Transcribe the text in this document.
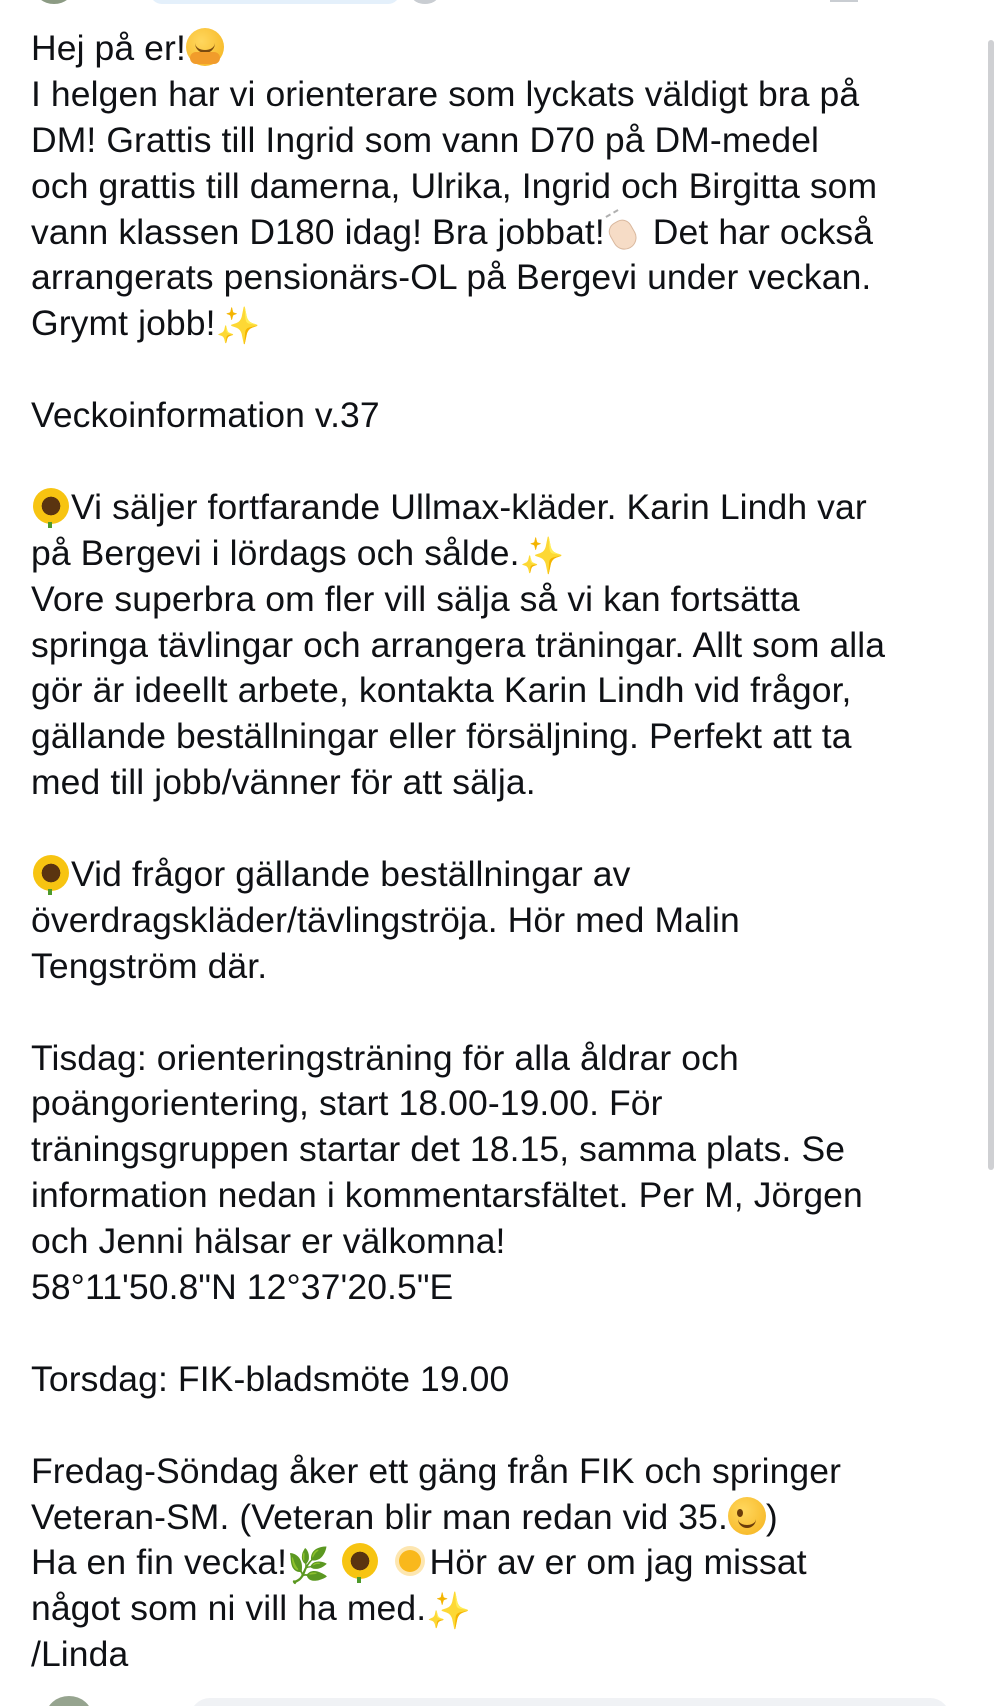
Hej på er!
I helgen har vi orienterare som lyckats väldigt bra på
DM! Grattis till Ingrid som vann D70 på DM-medel
och grattis till damerna, Ulrika, Ingrid och Birgitta som
vann klassen D180 idag! Bra jobbat! Det har också
arrangerats pensionärs-OL på Bergevi under veckan.
Grymt jobb!✨
Veckoinformation v.37
Vi säljer fortfarande Ullmax-kläder. Karin Lindh var
på Bergevi i lördags och sålde.✨
Vore superbra om fler vill sälja så vi kan fortsätta
springa tävlingar och arrangera träningar. Allt som alla
gör är ideellt arbete, kontakta Karin Lindh vid frågor,
gällande beställningar eller försäljning. Perfekt att ta
med till jobb/vänner för att sälja.
Vid frågor gällande beställningar av
överdragskläder/tävlingströja. Hör med Malin
Tengström där.
Tisdag: orienteringsträning för alla åldrar och
poängorientering, start 18.00-19.00. För
träningsgruppen startar det 18.15, samma plats. Se
information nedan i kommentarsfältet. Per M, Jörgen
och Jenni hälsar er välkomna!
58°11'50.8"N 12°37'20.5"E
Torsdag: FIK-bladsmöte 19.00
Fredag-Söndag åker ett gäng från FIK och springer
Veteran-SM. (Veteran blir man redan vid 35. )
Ha en fin vecka!🌿	Hör av er om jag missat
något som ni vill ha med.✨
/Linda
